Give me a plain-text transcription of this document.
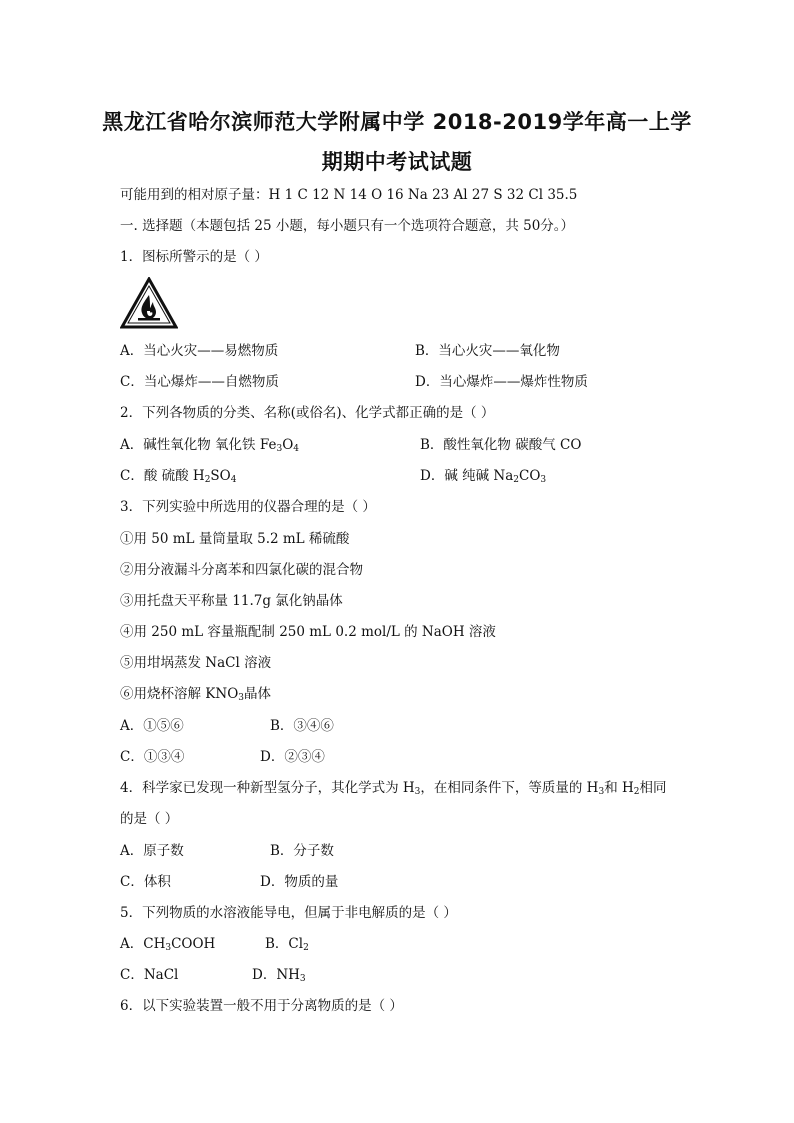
黑龙江省哈尔滨师范大学附属中学 2018-2019学年高一上学
期期中考试试题
可能用到的相对原子量：H 1 C 12 N 14 O 16 Na 23 Al 27 S 32 Cl 35.5
一. 选择题（本题包括 25 小题，每小题只有一个选项符合题意，共 50分。）
1．图标所警示的是（ ）
A．当心火灾——易燃物质	B．当心火灾——氧化物
C．当心爆炸——自燃物质	D．当心爆炸——爆炸性物质
2．下列各物质的分类、名称(或俗名)、化学式都正确的是（ ）
A．碱性氧化物 氧化铁 $Fe_3O_4$	B．酸性氧化物 碳酸气 CO
C．酸 硫酸 $H_2SO_4$	D．碱 纯碱 $Na_2CO_3$
3．下列实验中所选用的仪器合理的是（ ）
①用 50 mL 量筒量取 5.2 mL 稀硫酸
②用分液漏斗分离苯和四氯化碳的混合物
③用托盘天平称量 11.7g 氯化钠晶体
④用 250 mL 容量瓶配制 250 mL 0.2 mol/L 的 NaOH 溶液
⑤用坩埚蒸发 NaCl 溶液
⑥用烧杯溶解 $KNO_3$晶体
A．①⑤⑥	B．③④⑥
C．①③④	D．②③④
4．科学家已发现一种新型氢分子，其化学式为 $H_3$，在相同条件下，等质量的 $H_3$和 $H_2$相同
的是（ ）
A．原子数	B．分子数
C．体积	D．物质的量
5．下列物质的水溶液能导电，但属于非电解质的是（ ）
A．$CH_3COOH$	B．$Cl_2$
C．NaCl	D．$NH_3$
6．以下实验装置一般不用于分离物质的是（ ）
